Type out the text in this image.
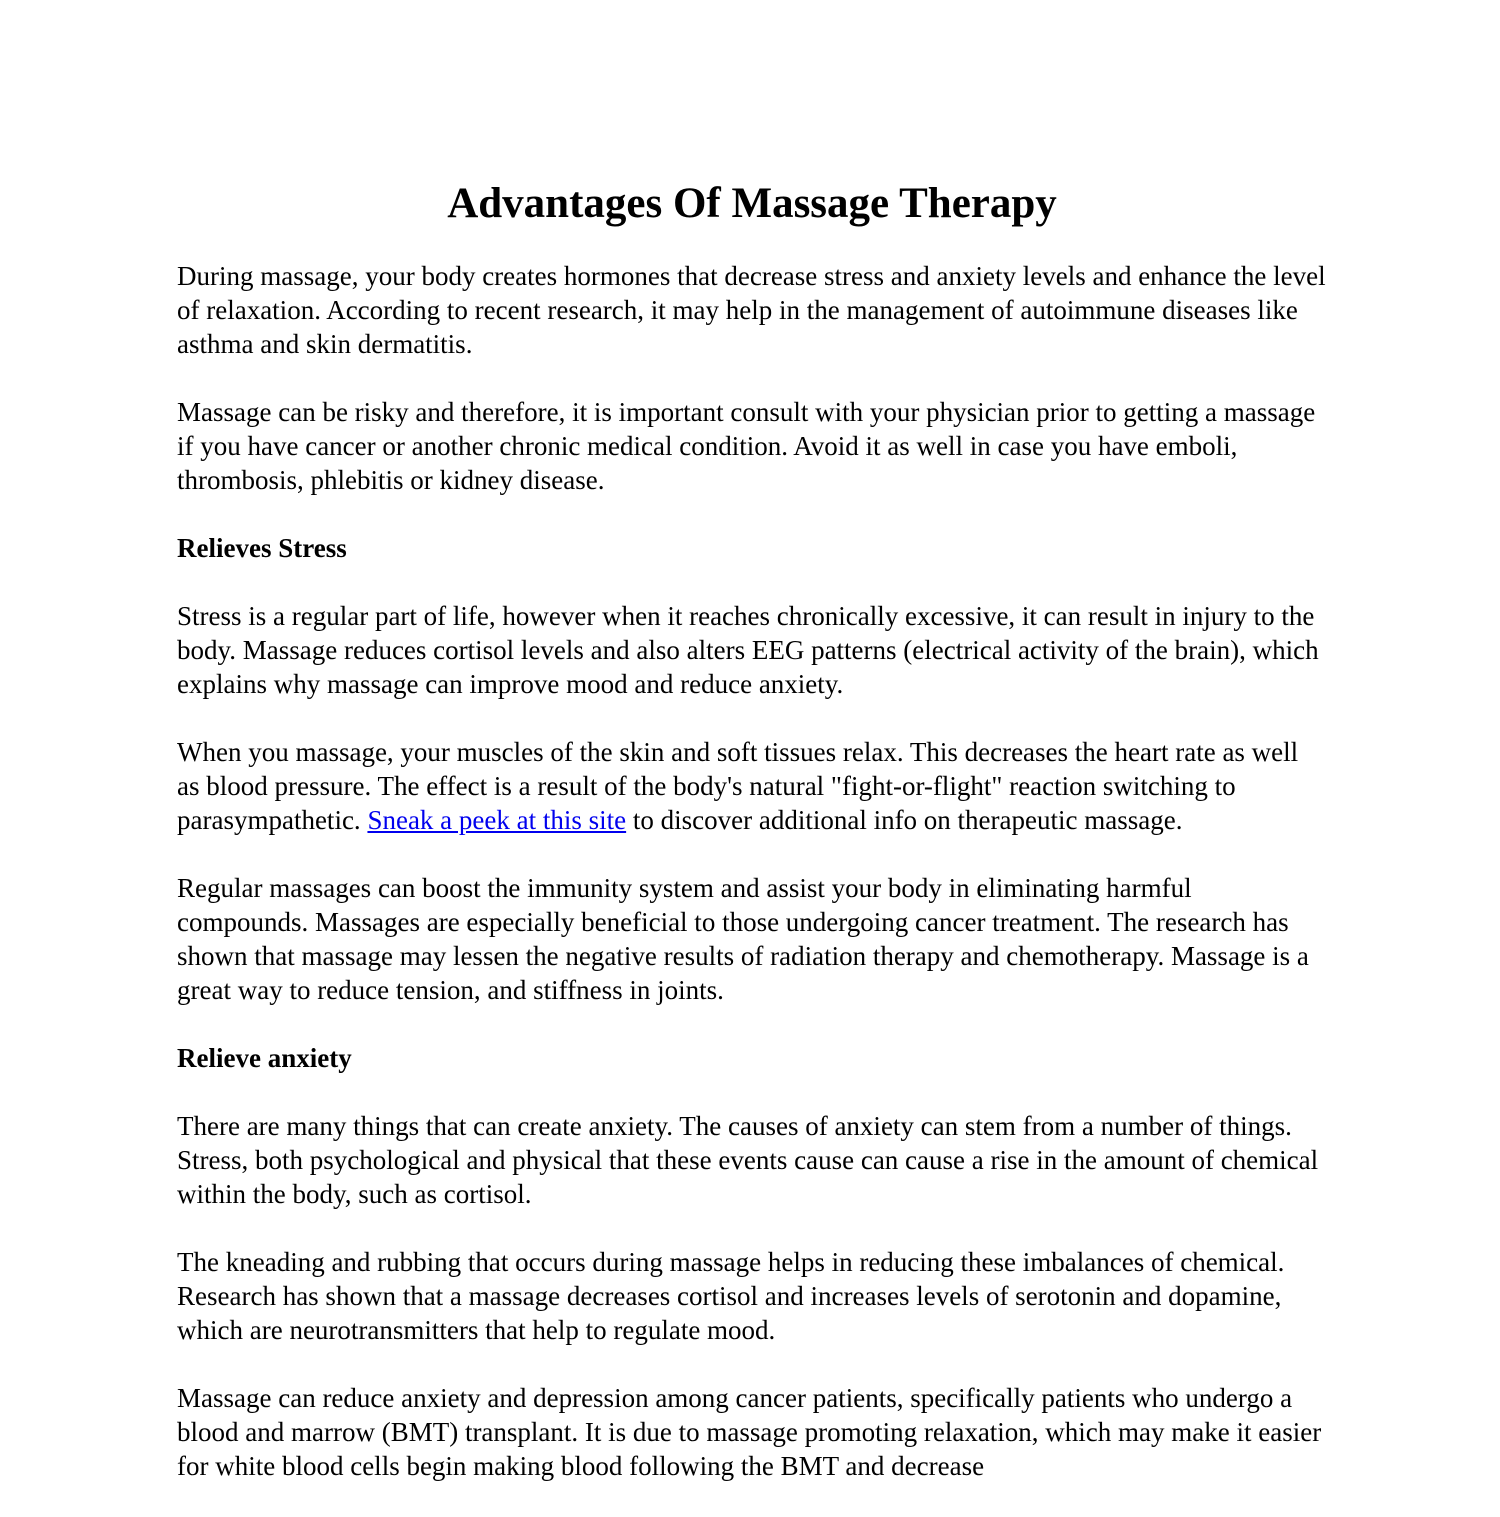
Advantages Of Massage Therapy

During massage, your body creates hormones that decrease stress and anxiety levels and enhance the level of relaxation. According to recent research, it may help in the management of autoimmune diseases like asthma and skin dermatitis.

Massage can be risky and therefore, it is important consult with your physician prior to getting a massage if you have cancer or another chronic medical condition. Avoid it as well in case you have emboli, thrombosis, phlebitis or kidney disease.

Relieves Stress

Stress is a regular part of life, however when it reaches chronically excessive, it can result in injury to the body. Massage reduces cortisol levels and also alters EEG patterns (electrical activity of the brain), which explains why massage can improve mood and reduce anxiety.

When you massage, your muscles of the skin and soft tissues relax. This decreases the heart rate as well as blood pressure. The effect is a result of the body's natural "fight-or-flight" reaction switching to parasympathetic. Sneak a peek at this site to discover additional info on therapeutic massage.

Regular massages can boost the immunity system and assist your body in eliminating harmful compounds. Massages are especially beneficial to those undergoing cancer treatment. The research has shown that massage may lessen the negative results of radiation therapy and chemotherapy. Massage is a great way to reduce tension, and stiffness in joints.

Relieve anxiety

There are many things that can create anxiety. The causes of anxiety can stem from a number of things. Stress, both psychological and physical that these events cause can cause a rise in the amount of chemical within the body, such as cortisol.

The kneading and rubbing that occurs during massage helps in reducing these imbalances of chemical. Research has shown that a massage decreases cortisol and increases levels of serotonin and dopamine, which are neurotransmitters that help to regulate mood.

Massage can reduce anxiety and depression among cancer patients, specifically patients who undergo a blood and marrow (BMT) transplant. It is due to massage promoting relaxation, which may make it easier for white blood cells begin making blood following the BMT and decrease
